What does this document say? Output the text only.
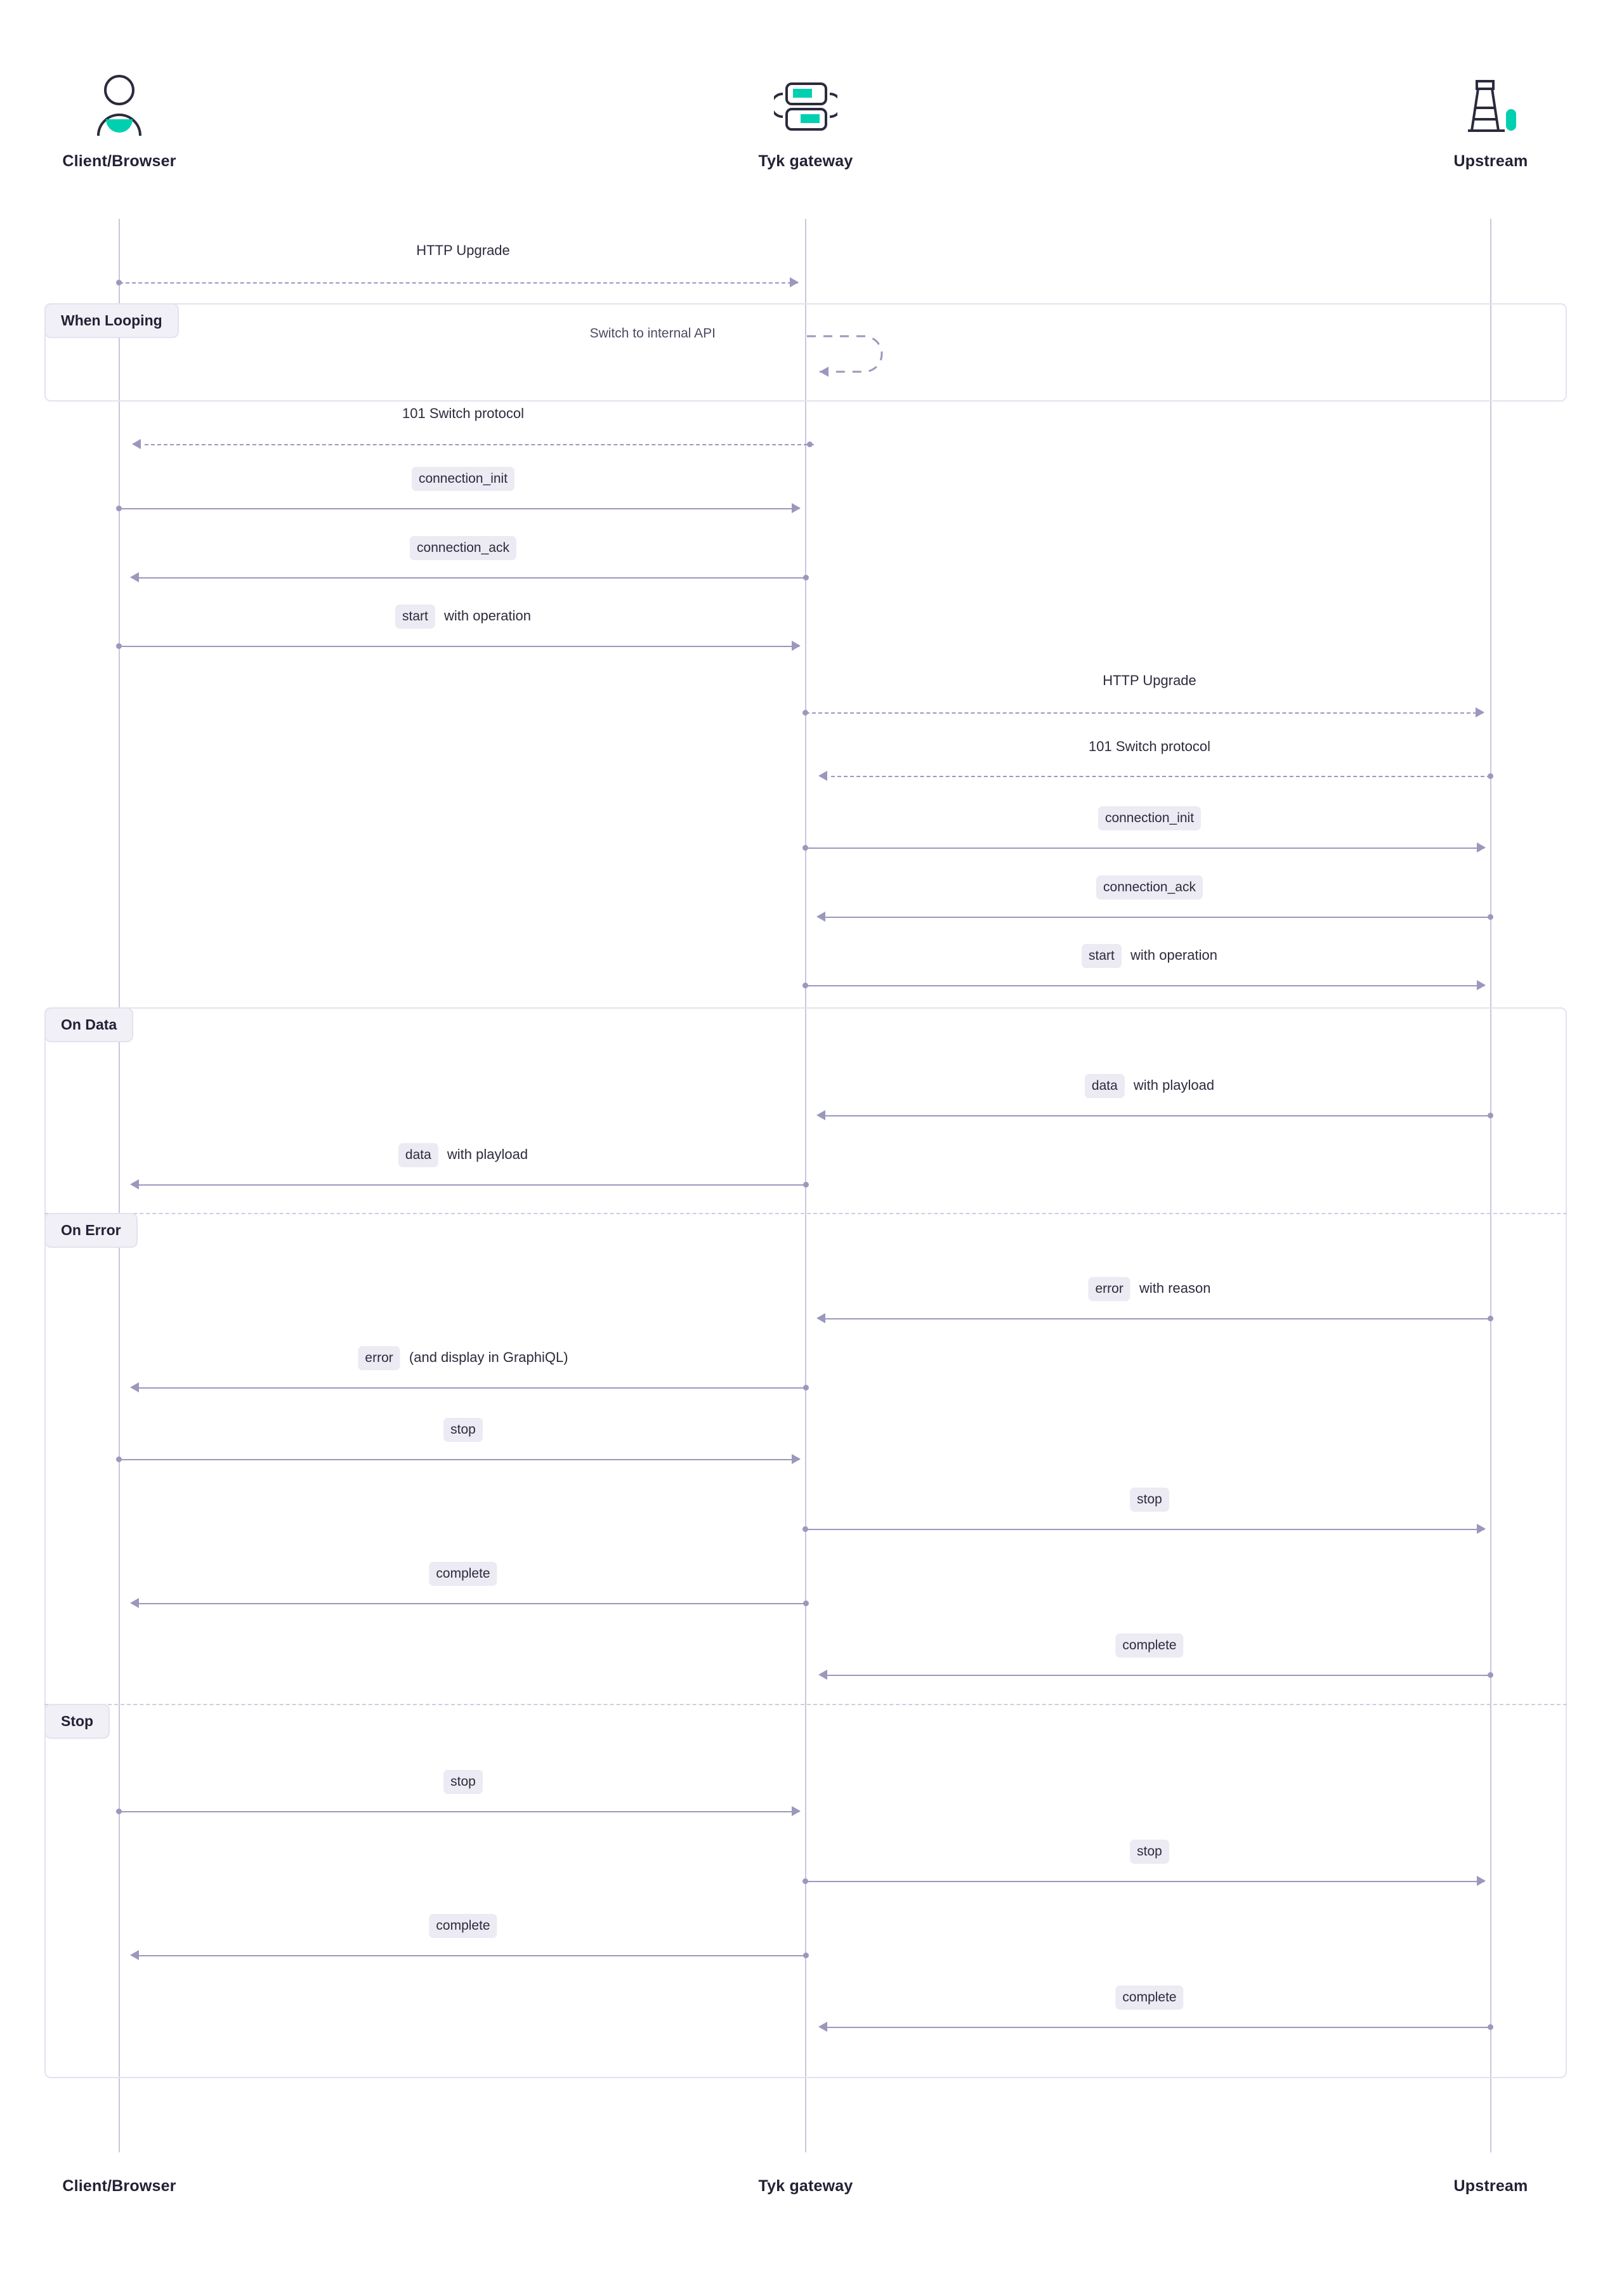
Client/Browser	Tyk gateway	Upstream
When Looping
On Data
On Error
Stop
HTTP Upgrade
Switch to internal API
101 Switch protocol
connection_init
connection_ack
start with operation
HTTP Upgrade
101 Switch protocol
connection_init
connection_ack
start with operation
data with playload
data with playload
error with reason
error (and display in GraphiQL)
stop
stop
complete
complete
stop
stop
complete
complete
Client/Browser	Tyk gateway	Upstream
